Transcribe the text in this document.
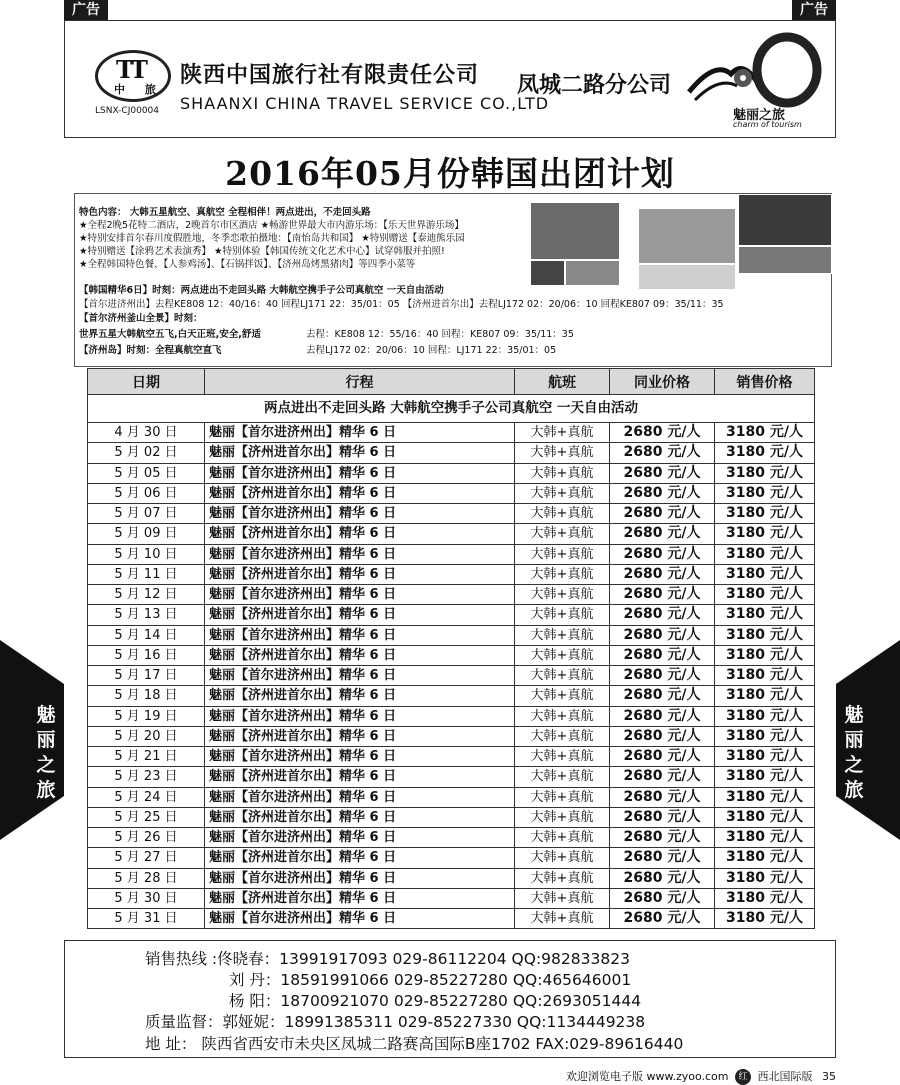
广告	广告
TT
中 旅
LSNX-CJ00004
陕西中国旅行社有限责任公司
SHAANXI CHINA TRAVEL SERVICE CO.,LTD
凤城二路分公司
魅丽之旅
charm of tourism
2016年05月份韩国出团计划
特色内容： 大韩五星航空、真航空 全程相伴！两点进出，不走回头路
★全程2晚5花特二酒店，2晚首尔市区酒店 ★畅游世界最大市内游乐场：【乐天世界游乐场】
★特别安排首尔春川度假胜地，冬季恋歌拍摄地：【南怡岛共和国】 ★特别赠送【泰迪熊乐园
★特别赠送【涂鸦艺术表演秀】 ★特别体验【韩国传统文化艺术中心】试穿韩服并拍照!
★全程韩国特色餐、【人参鸡汤】、【石锅拌饭】、【济州岛烤黑猪肉】等四季小菜等
【韩国精华6日】时刻：两点进出不走回头路 大韩航空携手子公司真航空 一天自由活动
【首尔进济州出】去程KE808 12：40/16：40 回程LJ171 22：35/01：05 【济州进首尔出】去程LJ172 02：20/06：10 回程KE807 09：35/11：35
【首尔济州釜山全景】时刻：
世界五星大韩航空五飞,白天正班,安全,舒适	去程：KE808 12：55/16：40 回程：KE807 09：35/11：35
【济州岛】时刻：全程真航空直飞	去程LJ172 02：20/06：10 回程：LJ171 22：35/01：05
日期	行程	航班	同业价格	销售价格
两点进出不走回头路 大韩航空携手子公司真航空 一天自由活动				
4 月 30 日	魅丽【首尔进济州出】精华 6 日	大韩+真航	2680 元/人	3180 元/人
5 月 02 日	魅丽【济州进首尔出】精华 6 日	大韩+真航	2680 元/人	3180 元/人
5 月 05 日	魅丽【首尔进济州出】精华 6 日	大韩+真航	2680 元/人	3180 元/人
5 月 06 日	魅丽【济州进首尔出】精华 6 日	大韩+真航	2680 元/人	3180 元/人
5 月 07 日	魅丽【首尔进济州出】精华 6 日	大韩+真航	2680 元/人	3180 元/人
5 月 09 日	魅丽【济州进首尔出】精华 6 日	大韩+真航	2680 元/人	3180 元/人
5 月 10 日	魅丽【首尔进济州出】精华 6 日	大韩+真航	2680 元/人	3180 元/人
5 月 11 日	魅丽【济州进首尔出】精华 6 日	大韩+真航	2680 元/人	3180 元/人
5 月 12 日	魅丽【首尔进济州出】精华 6 日	大韩+真航	2680 元/人	3180 元/人
5 月 13 日	魅丽【济州进首尔出】精华 6 日	大韩+真航	2680 元/人	3180 元/人
5 月 14 日	魅丽【首尔进济州出】精华 6 日	大韩+真航	2680 元/人	3180 元/人
5 月 16 日	魅丽【济州进首尔出】精华 6 日	大韩+真航	2680 元/人	3180 元/人
5 月 17 日	魅丽【首尔进济州出】精华 6 日	大韩+真航	2680 元/人	3180 元/人
5 月 18 日	魅丽【济州进首尔出】精华 6 日	大韩+真航	2680 元/人	3180 元/人
5 月 19 日	魅丽【首尔进济州出】精华 6 日	大韩+真航	2680 元/人	3180 元/人
5 月 20 日	魅丽【济州进首尔出】精华 6 日	大韩+真航	2680 元/人	3180 元/人
5 月 21 日	魅丽【首尔进济州出】精华 6 日	大韩+真航	2680 元/人	3180 元/人
5 月 23 日	魅丽【济州进首尔出】精华 6 日	大韩+真航	2680 元/人	3180 元/人
5 月 24 日	魅丽【首尔进济州出】精华 6 日	大韩+真航	2680 元/人	3180 元/人
5 月 25 日	魅丽【济州进首尔出】精华 6 日	大韩+真航	2680 元/人	3180 元/人
5 月 26 日	魅丽【首尔进济州出】精华 6 日	大韩+真航	2680 元/人	3180 元/人
5 月 27 日	魅丽【济州进首尔出】精华 6 日	大韩+真航	2680 元/人	3180 元/人
5 月 28 日	魅丽【首尔进济州出】精华 6 日	大韩+真航	2680 元/人	3180 元/人
5 月 30 日	魅丽【济州进首尔出】精华 6 日	大韩+真航	2680 元/人	3180 元/人
5 月 31 日	魅丽【首尔进济州出】精华 6 日	大韩+真航	2680 元/人	3180 元/人
魅
丽
之
旅
魅
丽
之
旅
销售热线 :佟晓春：13991917093 029-86112204 QQ:982833823
刘 丹：18591991066 029-85227280 QQ:465646001
杨 阳：18700921070 029-85227280 QQ:2693051444
质量监督：郭娅妮：18991385311 029-85227330 QQ:1134449238
地 址： 陕西省西安市未央区凤城二路赛高国际B座1702 FAX:029-89616440
欢迎浏览电子版 www.zyoo.com 红 西北国际版 35
